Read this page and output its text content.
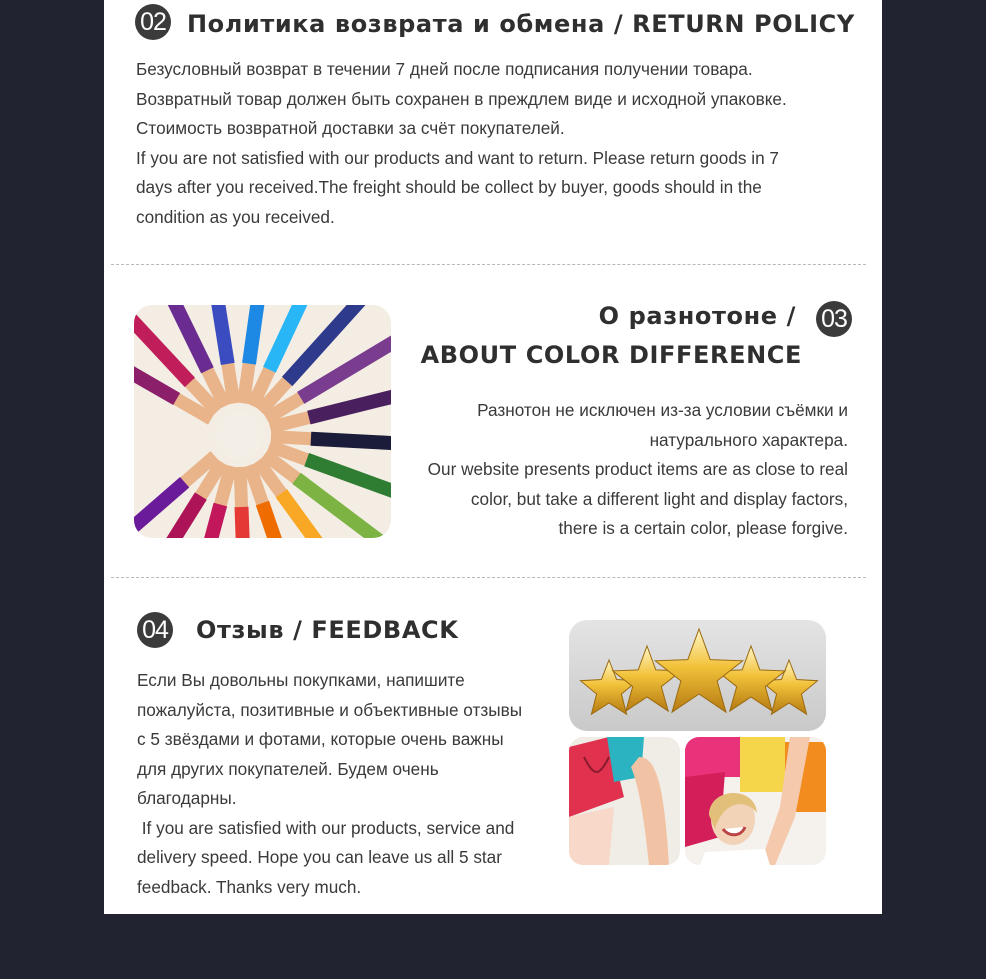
02 Политика возврата и обмена / RETURN POLICY
Безусловный возврат в течении 7 дней после подписания получении товара.
Возвратный товар должен быть сохранен в преждлем виде и исходной упаковке.
Стоимость возвратной доставки за счёт покупателей.
If you are not satisfied with our products and want to return. Please return goods in 7
days after you received.The freight should be collect by buyer, goods should in the
condition as you received.
О разнотоне / 03
ABOUT COLOR DIFFERENCE
Разнотон не исключен из-за условии съёмки и
натурального характера.
Our website presents product items are as close to real
color, but take a different light and display factors,
there is a certain color, please forgive.
04 Отзыв / FEEDBACK
Если Вы довольны покупками, напишите
пожалуйста, позитивные и объективные отзывы
с 5 звёздами и фотами, которые очень важны
для других покупателей. Будем очень
благодарны.
If you are satisfied with our products, service and
delivery speed. Hope you can leave us all 5 star
feedback. Thanks very much.
